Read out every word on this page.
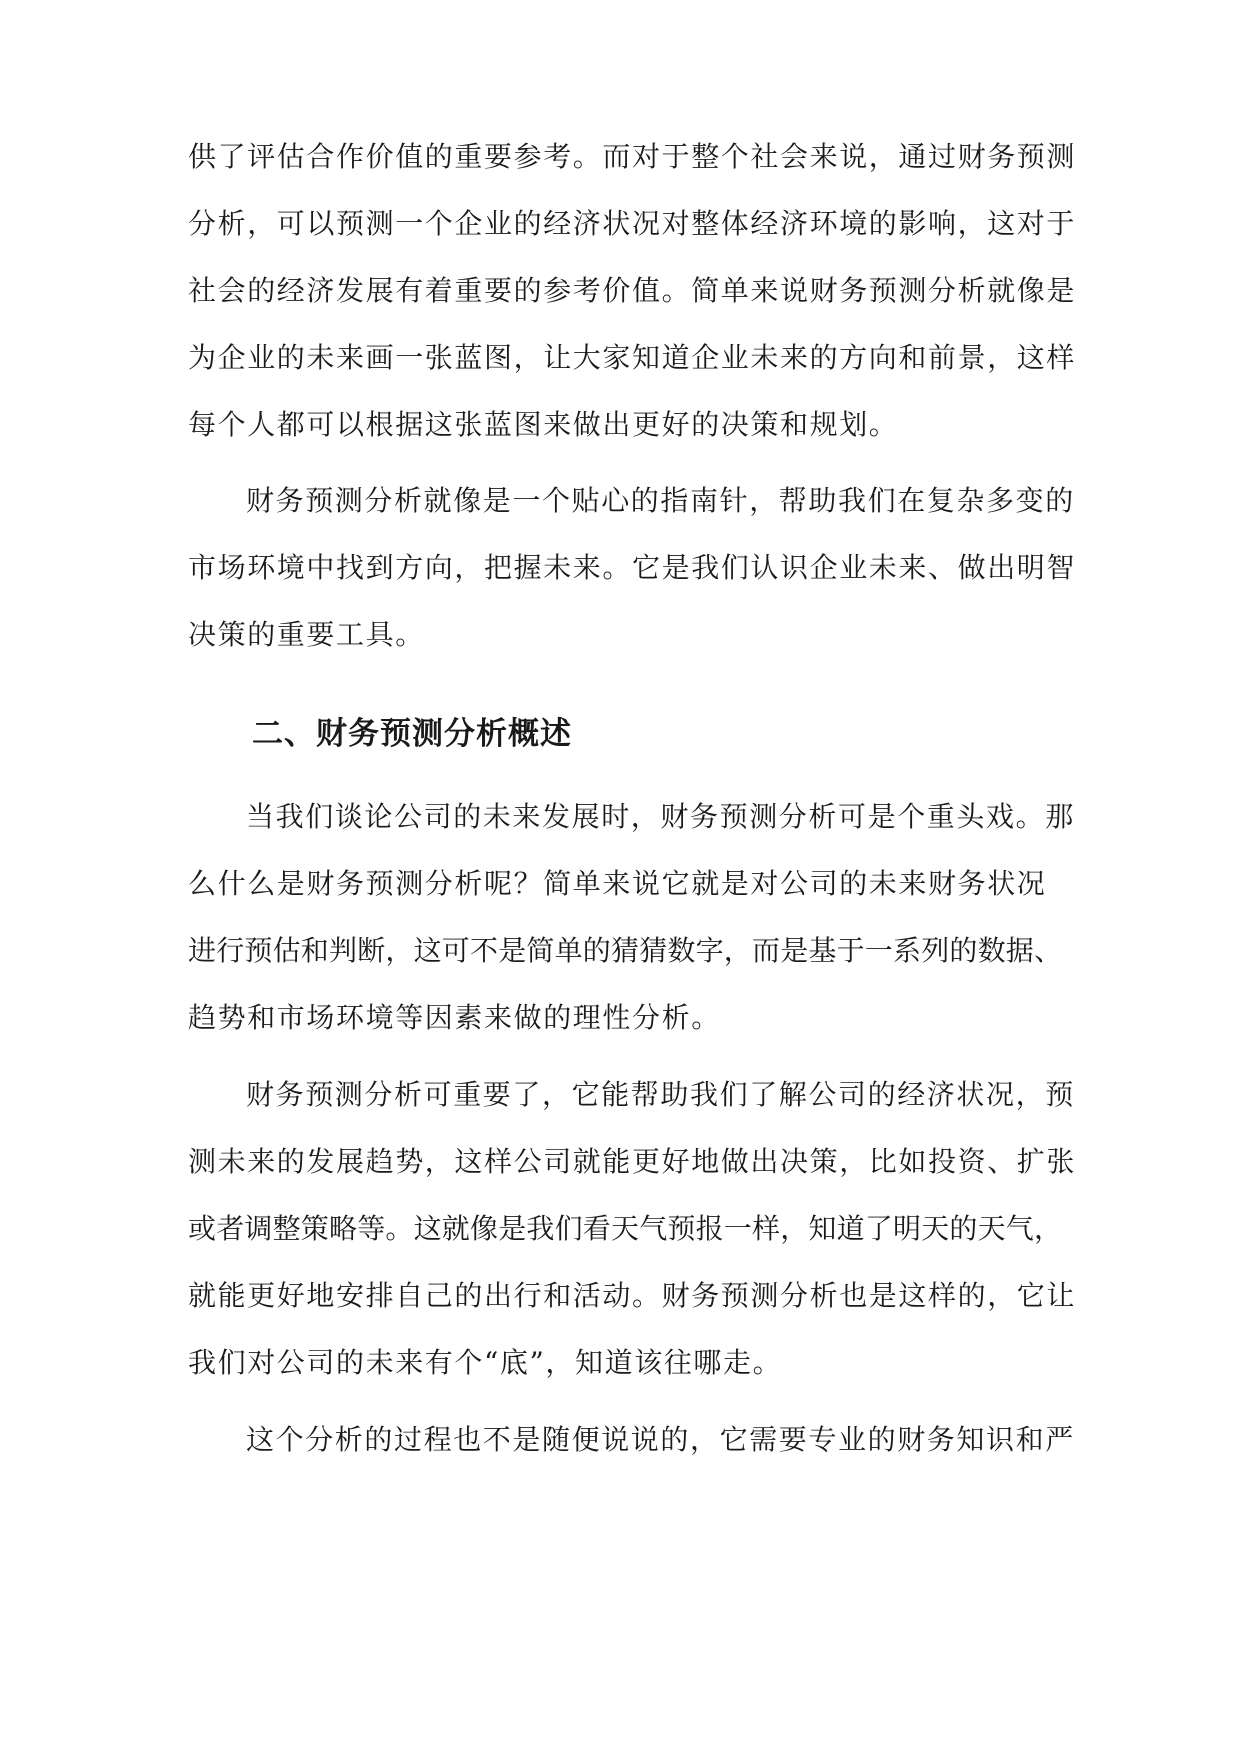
供了评估合作价值的重要参考。而对于整个社会来说，通过财务预测
分析，可以预测一个企业的经济状况对整体经济环境的影响，这对于
社会的经济发展有着重要的参考价值。简单来说财务预测分析就像是
为企业的未来画一张蓝图，让大家知道企业未来的方向和前景，这样
每个人都可以根据这张蓝图来做出更好的决策和规划。
财务预测分析就像是一个贴心的指南针，帮助我们在复杂多变的
市场环境中找到方向，把握未来。它是我们认识企业未来、做出明智
决策的重要工具。
二、财务预测分析概述
当我们谈论公司的未来发展时，财务预测分析可是个重头戏。那
么什么是财务预测分析呢？简单来说它就是对公司的未来财务状况
进行预估和判断，这可不是简单的猜猜数字，而是基于一系列的数据、
趋势和市场环境等因素来做的理性分析。
财务预测分析可重要了，它能帮助我们了解公司的经济状况，预
测未来的发展趋势，这样公司就能更好地做出决策，比如投资、扩张
或者调整策略等。这就像是我们看天气预报一样，知道了明天的天气，
就能更好地安排自己的出行和活动。财务预测分析也是这样的，它让
我们对公司的未来有个“底”，知道该往哪走。
这个分析的过程也不是随便说说的，它需要专业的财务知识和严
